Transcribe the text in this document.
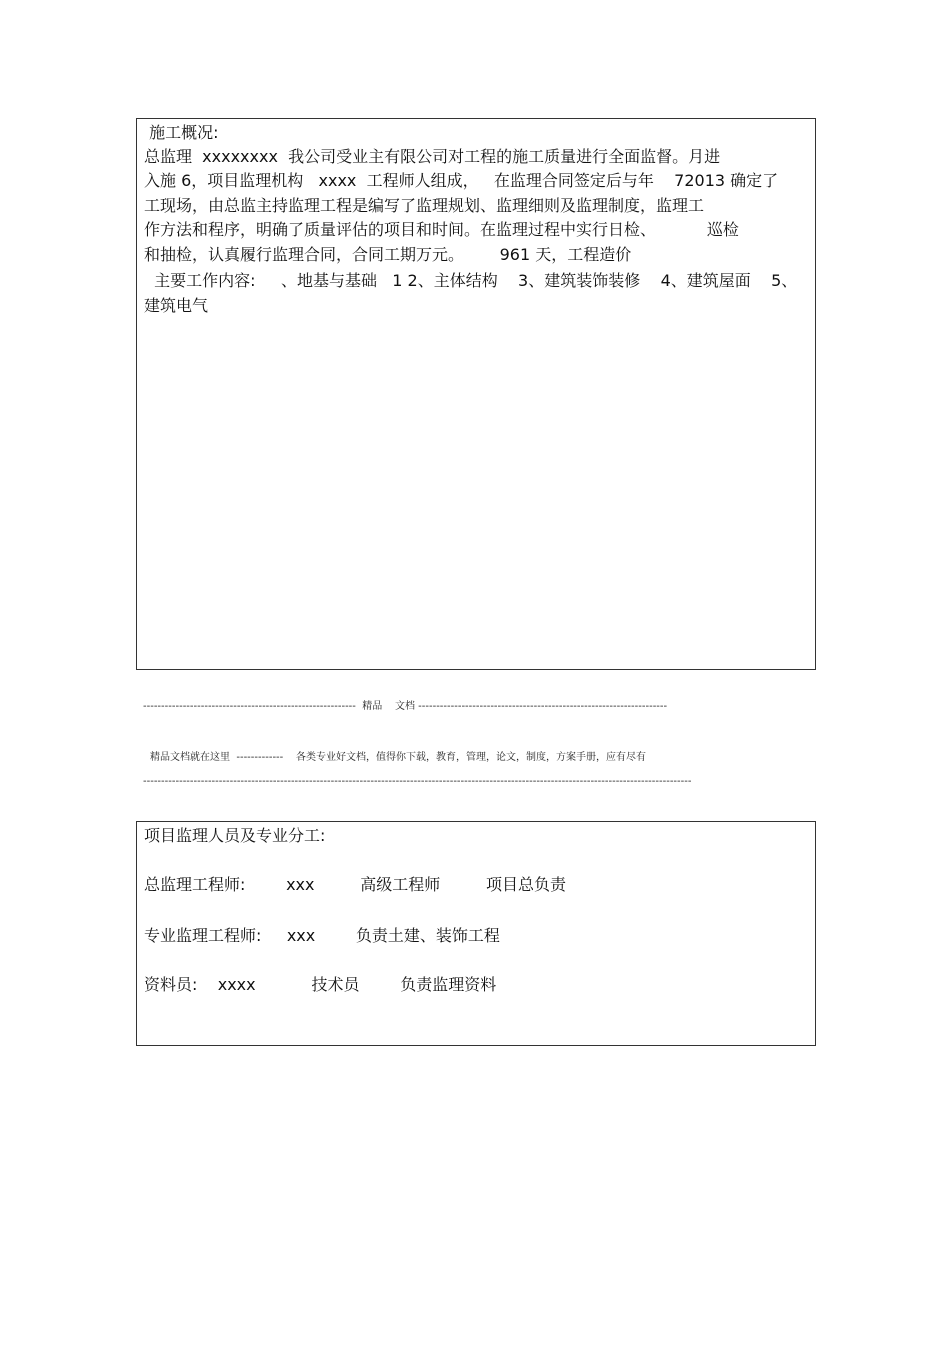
施工概况:
总监理  xxxxxxxx  我公司受业主有限公司对工程的施工质量进行全面监督。月进
入施 6，项目监理机构   xxxx  工程师人组成，   在监理合同签定后与年    72013 确定了
工现场，由总监主持监理工程是编写了监理规划、监理细则及监理制度，监理工
作方法和程序，明确了质量评估的项目和时间。在监理过程中实行日检、          巡检
和抽检，认真履行监理合同，合同工期万元。       961 天，工程造价
主要工作内容:     、地基与基础   1 2、主体结构    3、建筑装饰装修    4、建筑屋面    5、
建筑电气
-----------------------------------------------------------  精品    文档 ---------------------------------------------------------------------
精品文档就在这里  -------------    各类专业好文档，值得你下载，教育，管理，论文，制度，方案手册，应有尽有
--------------------------------------------------------------------------------------------------------------------------------------------------------
项目监理人员及专业分工:
总监理工程师:        xxx         高级工程师         项目总负责
专业监理工程师:     xxx        负责土建、装饰工程
资料员:    xxxx           技术员        负责监理资料
